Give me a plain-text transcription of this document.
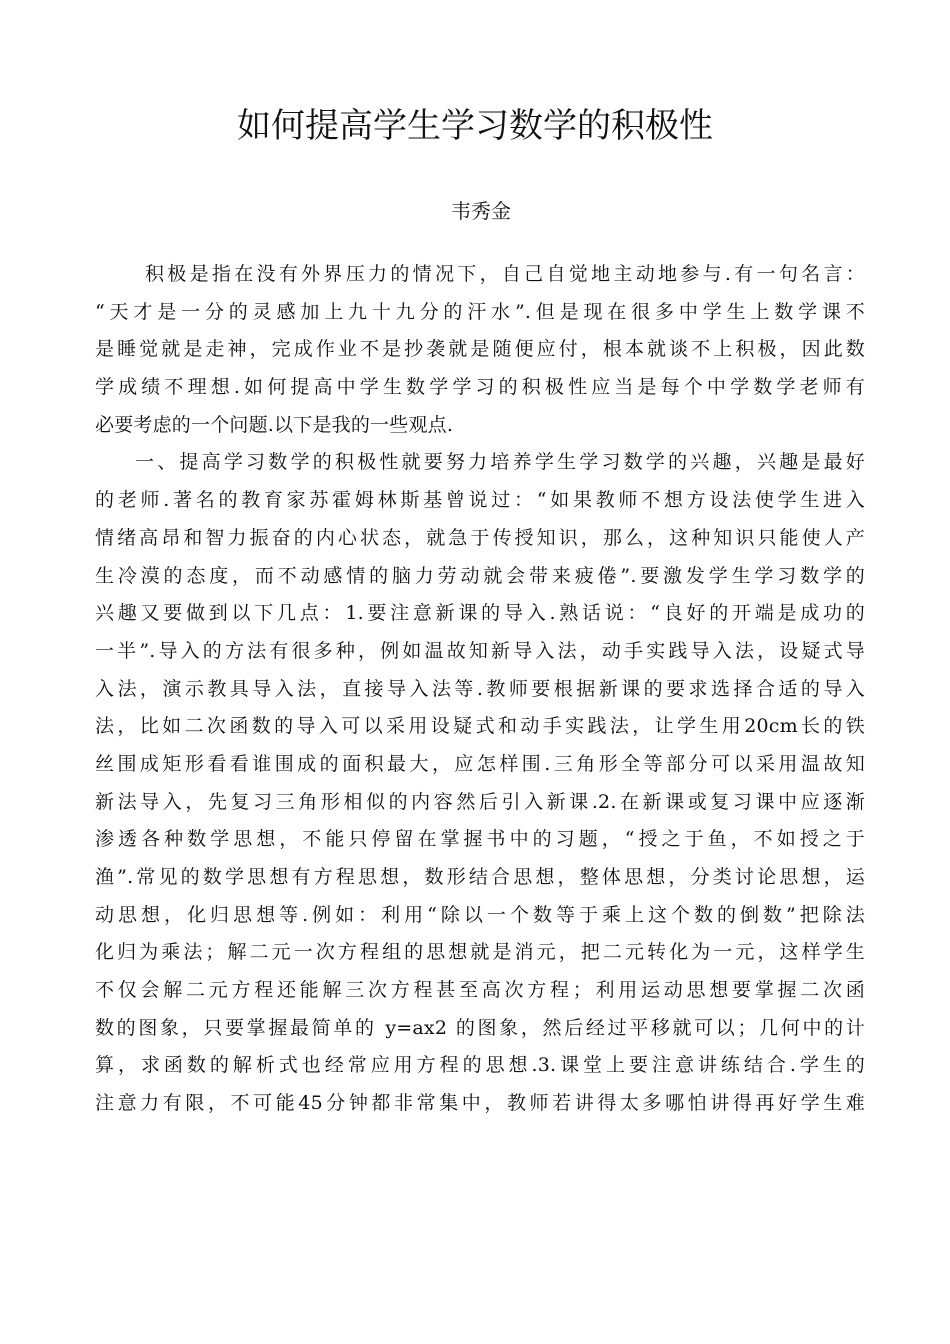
如何提高学生学习数学的积极性
韦秀金
积极是指在没有外界压力的情况下，自己自觉地主动地参与.有一句名言：
“天才是一分的灵感加上九十九分的汗水”.但是现在很多中学生上数学课不
是睡觉就是走神，完成作业不是抄袭就是随便应付，根本就谈不上积极，因此数
学成绩不理想.如何提高中学生数学学习的积极性应当是每个中学数学老师有
必要考虑的一个问题.以下是我的一些观点.
一、提高学习数学的积极性就要努力培养学生学习数学的兴趣，兴趣是最好
的老师.著名的教育家苏霍姆林斯基曾说过：“如果教师不想方设法使学生进入
情绪高昂和智力振奋的内心状态，就急于传授知识，那么，这种知识只能使人产
生冷漠的态度，而不动感情的脑力劳动就会带来疲倦”.要激发学生学习数学的
兴趣又要做到以下几点：1.要注意新课的导入.熟话说：“良好的开端是成功的
一半”.导入的方法有很多种，例如温故知新导入法，动手实践导入法，设疑式导
入法，演示教具导入法，直接导入法等.教师要根据新课的要求选择合适的导入
法，比如二次函数的导入可以采用设疑式和动手实践法，让学生用20cm长的铁
丝围成矩形看看谁围成的面积最大，应怎样围.三角形全等部分可以采用温故知
新法导入，先复习三角形相似的内容然后引入新课.2.在新课或复习课中应逐渐
渗透各种数学思想，不能只停留在掌握书中的习题，“授之于鱼，不如授之于
渔”.常见的数学思想有方程思想，数形结合思想，整体思想，分类讨论思想，运
动思想，化归思想等.例如：利用“除以一个数等于乘上这个数的倒数”把除法
化归为乘法；解二元一次方程组的思想就是消元，把二元转化为一元，这样学生
不仅会解二元方程还能解三次方程甚至高次方程；利用运动思想要掌握二次函
数的图象，只要掌握最简单的 y=ax2 的图象，然后经过平移就可以；几何中的计
算，求函数的解析式也经常应用方程的思想.3.课堂上要注意讲练结合.学生的
注意力有限，不可能45分钟都非常集中，教师若讲得太多哪怕讲得再好学生难
